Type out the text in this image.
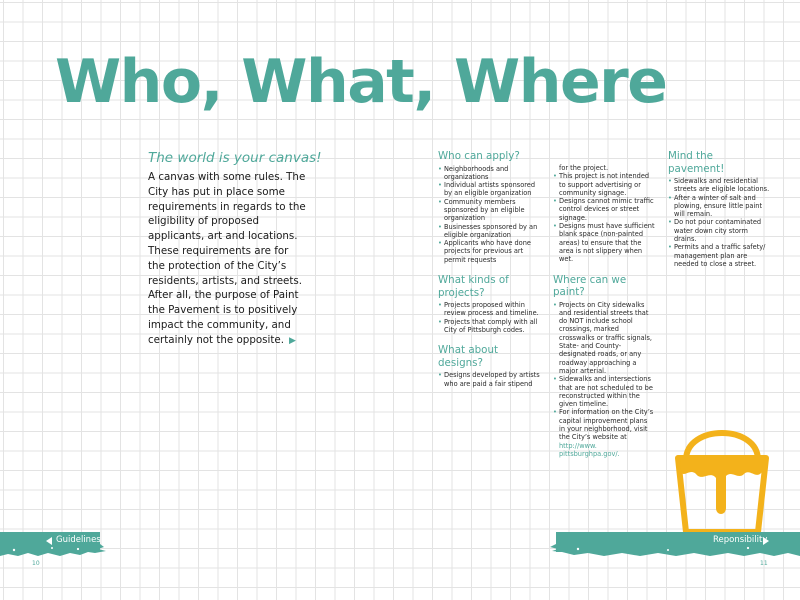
Who, What, Where
The world is your canvas!

A canvas with some rules. The City has put in place some requirements in regards to the eligibility of proposed applicants, art and locations. These requirements are for the protection of the City’s residents, artists, and streets. After all, the purpose of Paint the Pavement is to positively impact the community, and certainly not the opposite. ▶

Who can apply?
• Neighborhoods and organizations
• Individual artists sponsored by an eligible organization
• Community members sponsored by an eligible organization
• Businesses sponsored by an eligible organization
• Applicants who have done projects for previous art permit requests
What kinds of projects?
• Projects proposed within review process and timeline.
• Projects that comply with all City of Pittsburgh codes.
What about designs?
• Designs developed by artists who are paid a fair stipend
for the project.
• This project is not intended to support advertising or community signage.
• Designs cannot mimic traffic control devices or street signage.
• Designs must have sufficient blank space (non-painted areas) to ensure that the area is not slippery when wet.
Where can we paint?
• Projects on City sidewalks and residential streets that do NOT include school crossings, marked crosswalks or traffic signals, State- and County-designated roads, or any roadway approaching a major arterial.
• Sidewalks and intersections that are not scheduled to be reconstructed within the given timeline.
• For information on the City’s capital improvement plans in your neighborhood, visit the City’s website at http://www. pittsburghpa.gov/.
Mind the pavement!
• Sidewalks and residential streets are eligible locations.
• After a winter of salt and plowing, ensure little paint will remain.
• Do not pour contaminated water down city storm drains.
• Permits and a traffic safety/ management plan are needed to close a street.
Guidelines	Reponsibility
10	11
